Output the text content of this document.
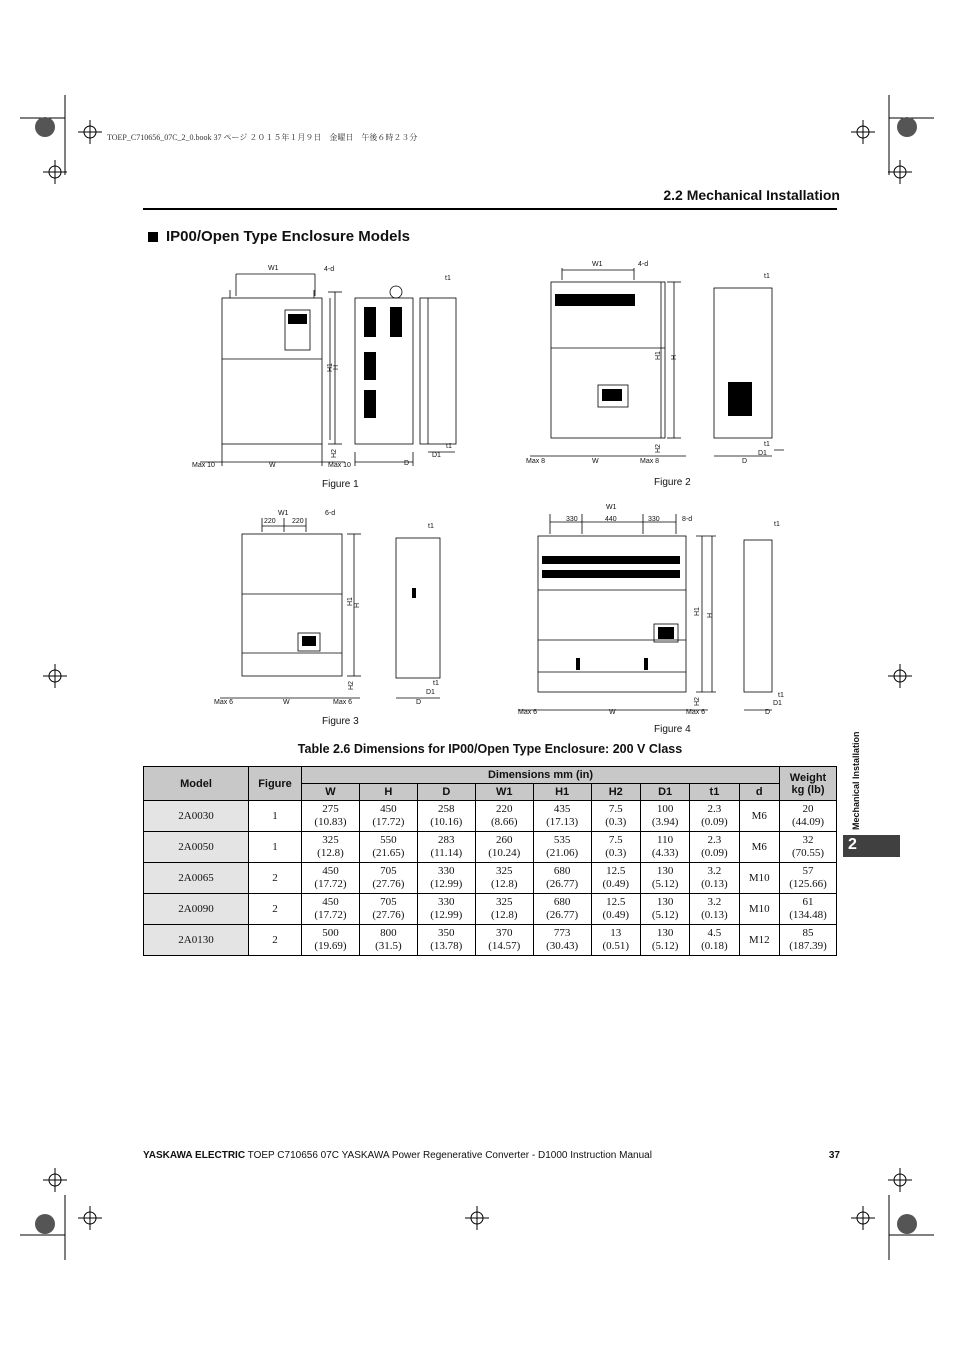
TOEP_C710656_07C_2_0.book 37 ページ ２０１５年１月９日　金曜日　午後６時２３分
2.2 Mechanical Installation
IP00/Open Type Enclosure Models
W1	4-d
t1
H1 H
H2
Max 10	Max 10
W	D
D1
t1
Figure 1
W1	4-d
t1
H1 H
H2
Max 8	Max 8
W	D
D1
t1
Figure 2
W1
220 220
6-d
t1
H1 H
H2
Max 6	Max 6
W	D
D1
t1
Figure 3
W1
330	440	330	8-d
t1
H1 H
H2
Max 6	Max 6
W	D
D1
t1
Figure 4
Table 2.6 Dimensions for IP00/Open Type Enclosure: 200 V Class
Model	Figure	Dimensions mm (in)									Weight
kg (lb)
		W	H	D	W1	H1	H2	D1	t1	d	
2A0030	1	275
(10.83)	450
(17.72)	258
(10.16)	220
(8.66)	435
(17.13)	7.5
(0.3)	100
(3.94)	2.3
(0.09)	M6	20
(44.09)
2A0050	1	325
(12.8)	550
(21.65)	283
(11.14)	260
(10.24)	535
(21.06)	7.5
(0.3)	110
(4.33)	2.3
(0.09)	M6	32
(70.55)
2A0065	2	450
(17.72)	705
(27.76)	330
(12.99)	325
(12.8)	680
(26.77)	12.5
(0.49)	130
(5.12)	3.2
(0.13)	M10	57
(125.66)
2A0090	2	450
(17.72)	705
(27.76)	330
(12.99)	325
(12.8)	680
(26.77)	12.5
(0.49)	130
(5.12)	3.2
(0.13)	M10	61
(134.48)
2A0130	2	500
(19.69)	800
(31.5)	350
(13.78)	370
(14.57)	773
(30.43)	13
(0.51)	130
(5.12)	4.5
(0.18)	M12	85
(187.39)
Mechanical Installation
2
YASKAWA ELECTRIC TOEP C710656 07C YASKAWA Power Regenerative Converter - D1000 Instruction Manual	37
